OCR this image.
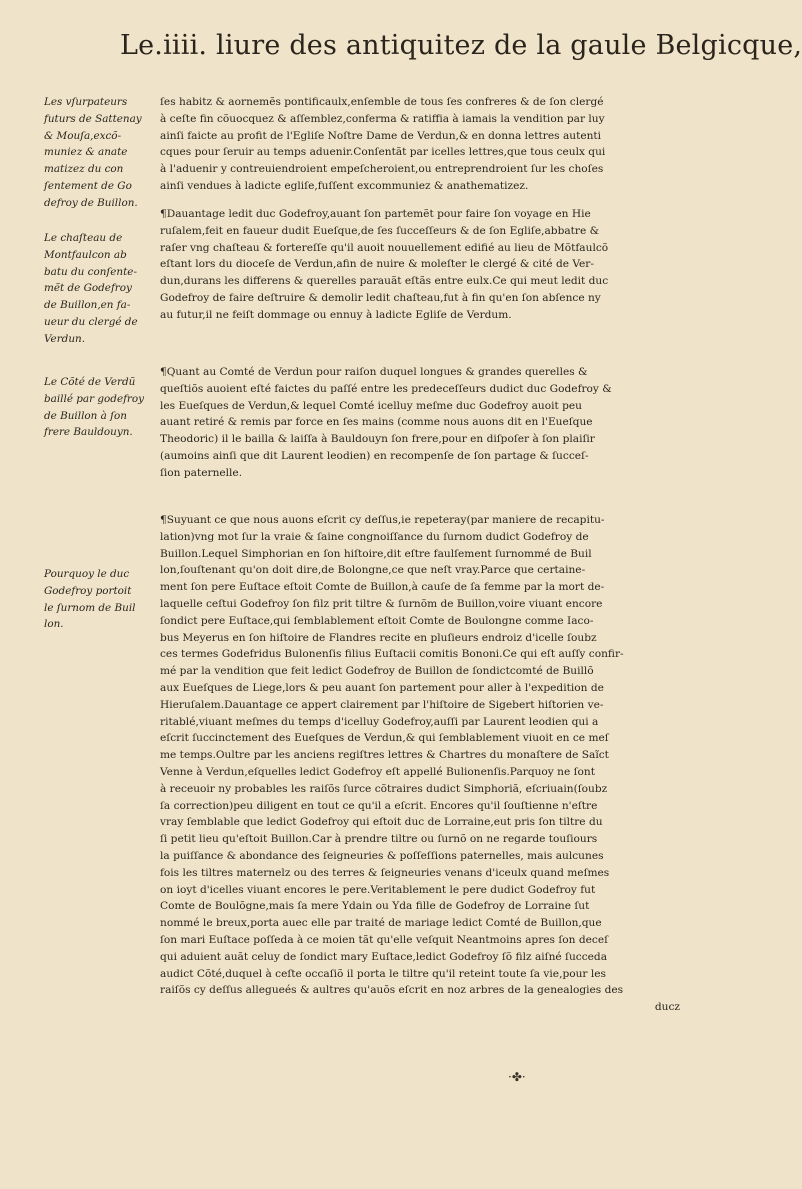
Le.iiii. liure des antiquitez de la gaule Belgicque,
Les vſurpateurs
futurs de Sattenay
& Mouſa,excõ-
muniez & anate
matizez du con
ſentement de Go
defroy de Buillon.
Le chaſteau de
Montfaulcon ab
batu du conſente-
mẽt de Godefroy
de Buillon,en fa-
ueur du clergé de
Verdun.
Le Cõté de Verdũ
baillé par godefroy
de Buillon à ſon
frere Bauldouyn.
Pourquoy le duc
Godefroy portoit
le ſurnom de Buil
lon.
ſes habitz & aornemẽs pontificaulx,enſemble de tous ſes confreres & de ſon clergé
à ceſte fin cõuocquez & aſſemblez,conferma & ratiffia à iamais la vendition par luy
ainſi faicte au profit de l'Egliſe Noſtre Dame de Verdun,& en donna lettres autenti
cques pour ſeruir au temps aduenir.Conſentãt par icelles lettres,que tous ceulx qui
à l'aduenir y contreuiendroient empeſcheroient,ou entreprendroient ſur les choſes
ainſi vendues à ladicte egliſe,fuſſent excommuniez & anathematizez.
¶Dauantage ledit duc Godefroy,auant ſon partemẽt pour faire ſon voyage en Hie
ruſalem,feit en faueur dudit Eueſque,de ſes ſucceſſeurs & de ſon Egliſe,abbatre &
raſer vng chaſteau & forterеſſe qu'il auoit nouuellement edifié au lieu de Mõtfaulcõ
eſtant lors du dioceſe de Verdun,afin de nuire & moleſter le clergé & cité de Ver-
dun,durans les differens & querelles parauãt eſtãs entre eulx.Ce qui meut ledit duc
Godefroy de faire deſtruire & demolir ledit chaſteau,fut à fin qu'en ſon abſence ny
au futur,il ne feiſt dommage ou ennuy à ladicte Egliſe de Verdum.
¶Quant au Comté de Verdun pour raiſon duquel longues & grandes querelles &
queſtiõs auoient eſté faictes du paſſé entre les predeceſſeurs dudict duc Godefroy &
les Eueſques de Verdun,& lequel Comté icelluy meſme duc Godefroy auoit peu
auant retiré & remis par force en ſes mains (comme nous auons dit en l'Eueſque
Theodoric) il le bailla & laiſſa à Bauldouyn ſon frere,pour en diſpoſer à ſon plaiſir
(aumoins ainſi que dit Laurent leodien) en recompenſe de ſon partage & ſucceſ-
ſion paternelle.
¶Suyuant ce que nous auons eſcrit cy deſſus,ie repeteray(par maniere de recapitu-
lation)vng mot ſur la vraie & ſaine congnoiſſance du ſurnom dudict Godefroy de
Buillon.Lequel Simphorian en ſon hiſtoire,dit eſtre faulſement ſurnommé de Buil
lon,ſouſtenant qu'on doit dire,de Bolongne,ce que neſt vray.Parce que certaine-
ment ſon pere Euſtace eſtoit Comte de Buillon,à cauſe de ſa femme par la mort de-
laquelle ceſtui Godefroy ſon filz prit tiltre & ſurnõm de Buillon,voire viuant encore
ſondict pere Euſtace,qui ſemblablement eſtoit Comte de Boulongne comme Iaco-
bus Meyerus en ſon hiſtoire de Flandres recite en pluſieurs endroiz d'icelle ſoubz
ces termes Godefridus Bulonenſis filius Euſtacii comitis Bononi.Ce qui eſt auſſy confir-
mé par la vendition que feit ledict Godefroy de Buillon de ſondictcomté de Buillõ
aux Eueſques de Liege,lors & peu auant ſon partement pour aller à l'expedition de
Hieruſalem.Dauantage ce appert clairement par l'hiſtoire de Sigebert hiſtorien ve-
ritablé,viuant meſmes du temps d'icelluy Godefroy,auſſi par Laurent leodien qui a
eſcrit ſuccinctement des Eueſques de Verdun,& qui ſemblablement viuoit en ce meſ
me temps.Oultre par les anciens regiſtres lettres & Chartres du monaſtere de Saĩct
Venne à Verdun,eſquelles ledict Godefroy eſt appellé Bulionenſis.Parquoy ne ſont
à receuoir ny probables les raiſõs ſurce cõtraires dudict Simphoriã, eſcriuain(ſoubz
ſa correction)peu diligent en tout ce qu'il a eſcrit. Encores qu'il ſouſtienne n'eſtre
vray ſemblable que ledict Godefroy qui eſtoit duc de Lorraine,eut pris ſon tiltre du
ſi petit lieu qu'eſtoit Buillon.Car à prendre tiltre ou ſurnõ on ne regarde touſiours
la puiſſance & abondance des ſeigneuries & poſſeſſions paternelles, mais aulcunes
fois les tiltres maternelz ou des terres & ſeigneuries venans d'iceulx quand meſmes
on ioyt d'icelles viuant encores le pere.Veritablement le pere dudict Godefroy fut
Comte de Boulõgne,mais ſa mere Ydain ou Yda fille de Godefroy de Lorraine ſut
nommé le breux,porta auec elle par traité de mariage ledict Comté de Buillon,que
ſon mari Euſtace poſſeda à ce moien tãt qu'elle veſquit Neantmoins apres ſon deceſ
qui aduient auãt celuy de ſondict mary Euſtace,ledict Godefroy ſõ filz aiſné ſucceda
audict Cõté,duquel à ceſte occaſiõ il porta le tiltre qu'il reteint toute ſa vie,pour les
raiſõs cy deſſus allegueés & aultres qu'auõs eſcrit en noz arbres de la genealogies des
ducz
·✤·
